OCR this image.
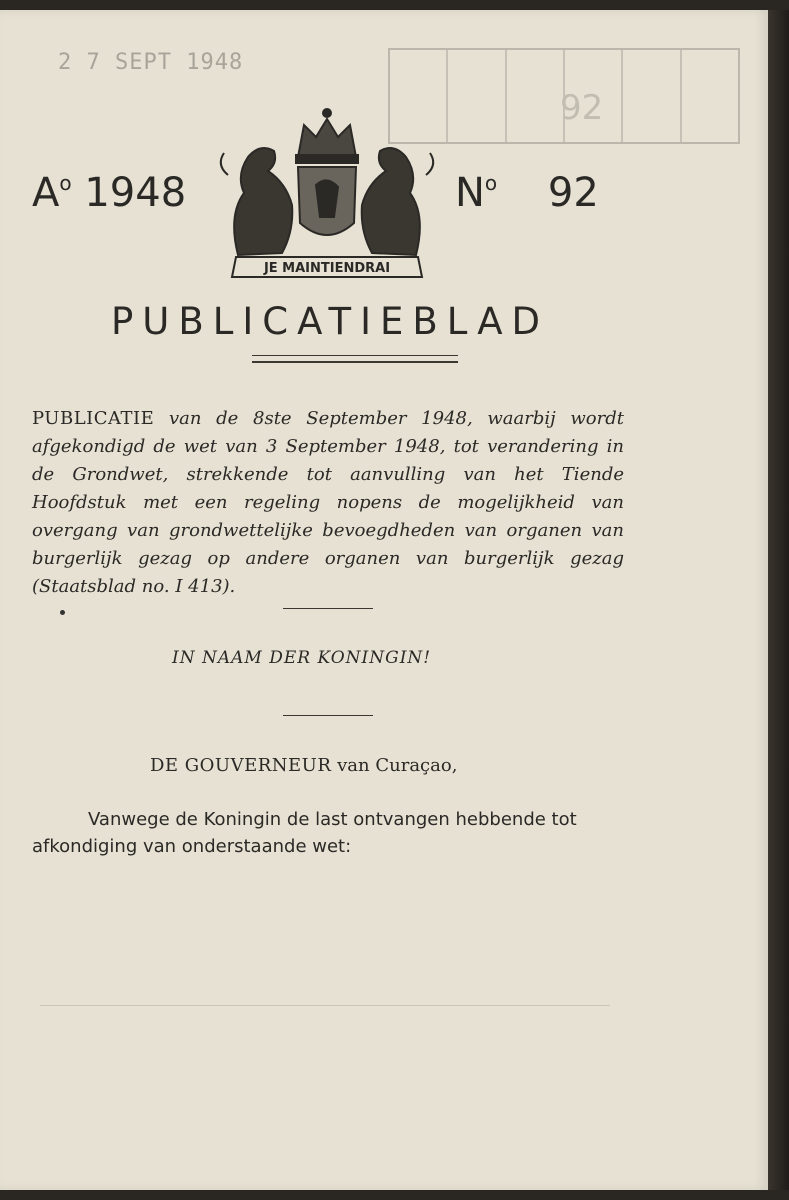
2 7 SEPT 1948
92
$A^o$ 1948
JE MAINTIENDRAI
$N^o$ 92
PUBLICATIEBLAD
PUBLICATIE van de 8ste September 1948, waarbij wordt afgekondigd de wet van 3 September 1948, tot verandering in de Grondwet, strekkende tot aanvulling van het Tiende Hoofdstuk met een regeling nopens de mogelijkheid van overgang van grondwettelijke bevoegdheden van organen van burgerlijk gezag op andere organen van burgerlijk gezag (Staatsblad no. I 413).
IN NAAM DER KONINGIN!
DE GOUVERNEUR van Curaçao,
Vanwege de Koningin de last ontvangen hebbende tot afkondiging van onderstaande wet:
